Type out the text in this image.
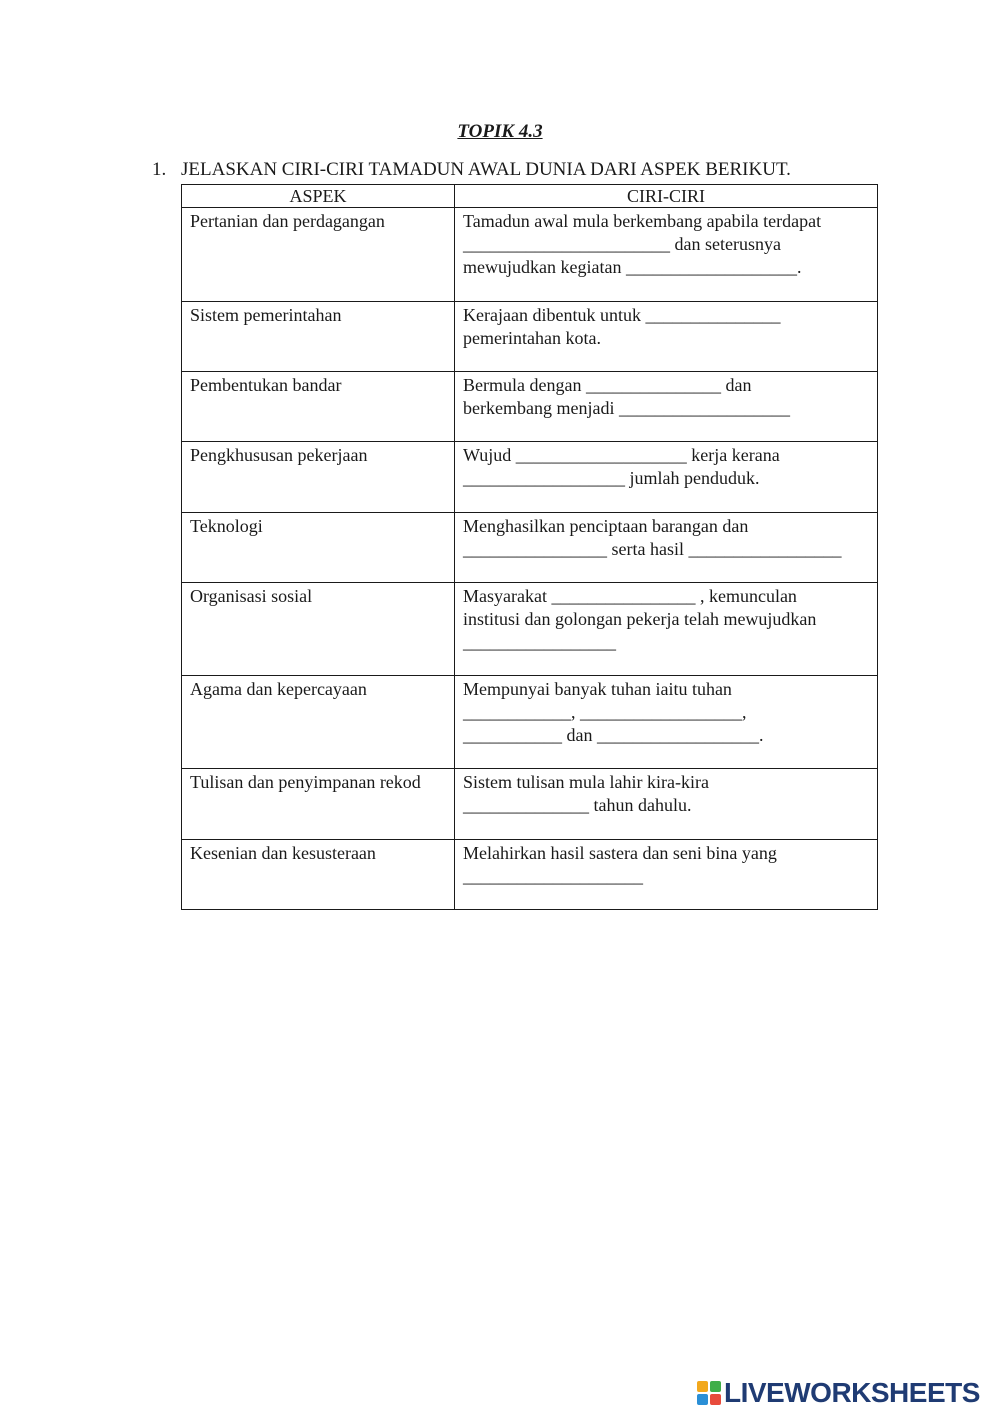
TOPIK 4.3
1. JELASKAN CIRI-CIRI TAMADUN AWAL DUNIA DARI ASPEK BERIKUT.
ASPEK	CIRI-CIRI
Pertanian dan perdagangan	Tamadun awal mula berkembang apabila terdapat
_______________________ dan seterusnya
mewujudkan kegiatan ___________________.
Sistem pemerintahan	Kerajaan dibentuk untuk _______________
pemerintahan kota.
Pembentukan bandar	Bermula dengan _______________ dan
berkembang menjadi ___________________
Pengkhususan pekerjaan	Wujud ___________________ kerja kerana
__________________ jumlah penduduk.
Teknologi	Menghasilkan penciptaan barangan dan
________________ serta hasil _________________
Organisasi sosial	Masyarakat ________________ , kemunculan
institusi dan golongan pekerja telah mewujudkan
_________________
Agama dan kepercayaan	Mempunyai banyak tuhan iaitu tuhan
____________, __________________,
___________ dan __________________.
Tulisan dan penyimpanan rekod	Sistem tulisan mula lahir kira-kira
______________ tahun dahulu.
Kesenian dan kesusteraan	Melahirkan hasil sastera dan seni bina yang
____________________
LIVEWORKSHEETS
